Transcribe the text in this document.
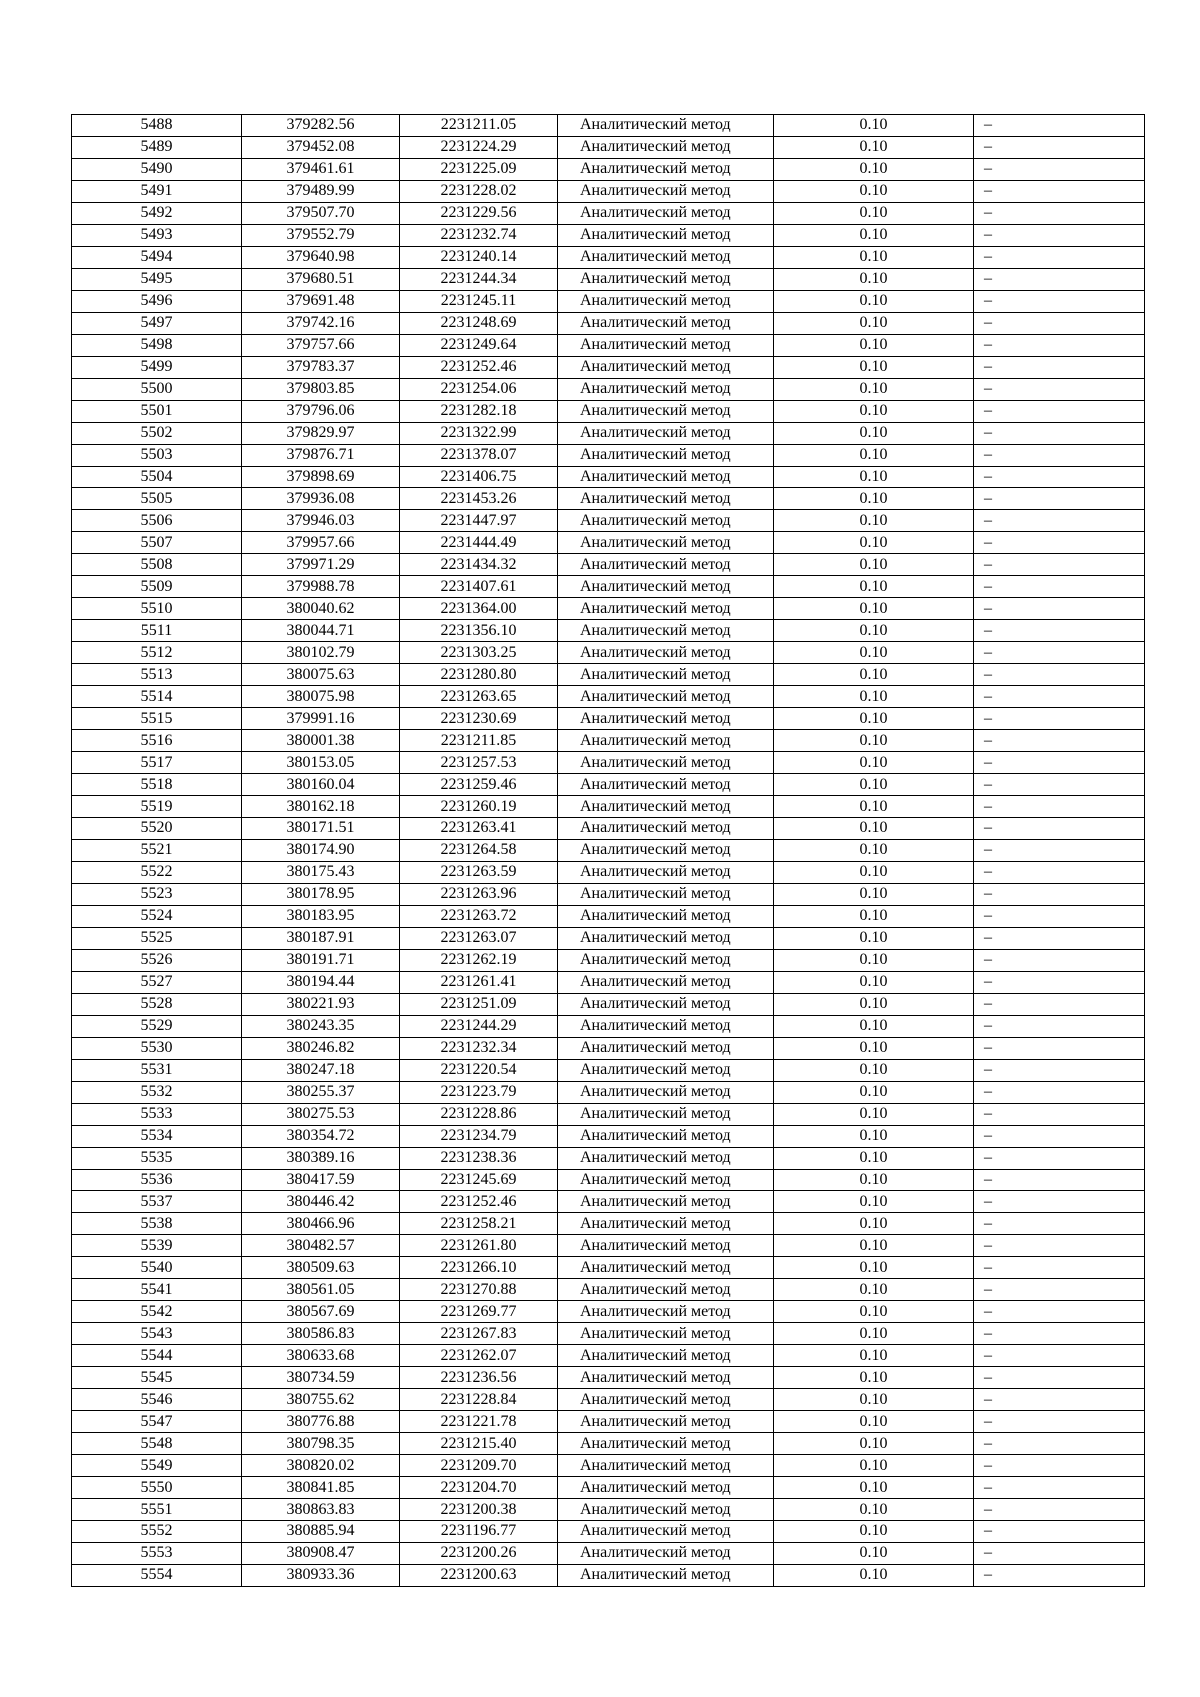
5488	379282.56	2231211.05	Аналитический метод	0.10	–
5489	379452.08	2231224.29	Аналитический метод	0.10	–
5490	379461.61	2231225.09	Аналитический метод	0.10	–
5491	379489.99	2231228.02	Аналитический метод	0.10	–
5492	379507.70	2231229.56	Аналитический метод	0.10	–
5493	379552.79	2231232.74	Аналитический метод	0.10	–
5494	379640.98	2231240.14	Аналитический метод	0.10	–
5495	379680.51	2231244.34	Аналитический метод	0.10	–
5496	379691.48	2231245.11	Аналитический метод	0.10	–
5497	379742.16	2231248.69	Аналитический метод	0.10	–
5498	379757.66	2231249.64	Аналитический метод	0.10	–
5499	379783.37	2231252.46	Аналитический метод	0.10	–
5500	379803.85	2231254.06	Аналитический метод	0.10	–
5501	379796.06	2231282.18	Аналитический метод	0.10	–
5502	379829.97	2231322.99	Аналитический метод	0.10	–
5503	379876.71	2231378.07	Аналитический метод	0.10	–
5504	379898.69	2231406.75	Аналитический метод	0.10	–
5505	379936.08	2231453.26	Аналитический метод	0.10	–
5506	379946.03	2231447.97	Аналитический метод	0.10	–
5507	379957.66	2231444.49	Аналитический метод	0.10	–
5508	379971.29	2231434.32	Аналитический метод	0.10	–
5509	379988.78	2231407.61	Аналитический метод	0.10	–
5510	380040.62	2231364.00	Аналитический метод	0.10	–
5511	380044.71	2231356.10	Аналитический метод	0.10	–
5512	380102.79	2231303.25	Аналитический метод	0.10	–
5513	380075.63	2231280.80	Аналитический метод	0.10	–
5514	380075.98	2231263.65	Аналитический метод	0.10	–
5515	379991.16	2231230.69	Аналитический метод	0.10	–
5516	380001.38	2231211.85	Аналитический метод	0.10	–
5517	380153.05	2231257.53	Аналитический метод	0.10	–
5518	380160.04	2231259.46	Аналитический метод	0.10	–
5519	380162.18	2231260.19	Аналитический метод	0.10	–
5520	380171.51	2231263.41	Аналитический метод	0.10	–
5521	380174.90	2231264.58	Аналитический метод	0.10	–
5522	380175.43	2231263.59	Аналитический метод	0.10	–
5523	380178.95	2231263.96	Аналитический метод	0.10	–
5524	380183.95	2231263.72	Аналитический метод	0.10	–
5525	380187.91	2231263.07	Аналитический метод	0.10	–
5526	380191.71	2231262.19	Аналитический метод	0.10	–
5527	380194.44	2231261.41	Аналитический метод	0.10	–
5528	380221.93	2231251.09	Аналитический метод	0.10	–
5529	380243.35	2231244.29	Аналитический метод	0.10	–
5530	380246.82	2231232.34	Аналитический метод	0.10	–
5531	380247.18	2231220.54	Аналитический метод	0.10	–
5532	380255.37	2231223.79	Аналитический метод	0.10	–
5533	380275.53	2231228.86	Аналитический метод	0.10	–
5534	380354.72	2231234.79	Аналитический метод	0.10	–
5535	380389.16	2231238.36	Аналитический метод	0.10	–
5536	380417.59	2231245.69	Аналитический метод	0.10	–
5537	380446.42	2231252.46	Аналитический метод	0.10	–
5538	380466.96	2231258.21	Аналитический метод	0.10	–
5539	380482.57	2231261.80	Аналитический метод	0.10	–
5540	380509.63	2231266.10	Аналитический метод	0.10	–
5541	380561.05	2231270.88	Аналитический метод	0.10	–
5542	380567.69	2231269.77	Аналитический метод	0.10	–
5543	380586.83	2231267.83	Аналитический метод	0.10	–
5544	380633.68	2231262.07	Аналитический метод	0.10	–
5545	380734.59	2231236.56	Аналитический метод	0.10	–
5546	380755.62	2231228.84	Аналитический метод	0.10	–
5547	380776.88	2231221.78	Аналитический метод	0.10	–
5548	380798.35	2231215.40	Аналитический метод	0.10	–
5549	380820.02	2231209.70	Аналитический метод	0.10	–
5550	380841.85	2231204.70	Аналитический метод	0.10	–
5551	380863.83	2231200.38	Аналитический метод	0.10	–
5552	380885.94	2231196.77	Аналитический метод	0.10	–
5553	380908.47	2231200.26	Аналитический метод	0.10	–
5554	380933.36	2231200.63	Аналитический метод	0.10	–
